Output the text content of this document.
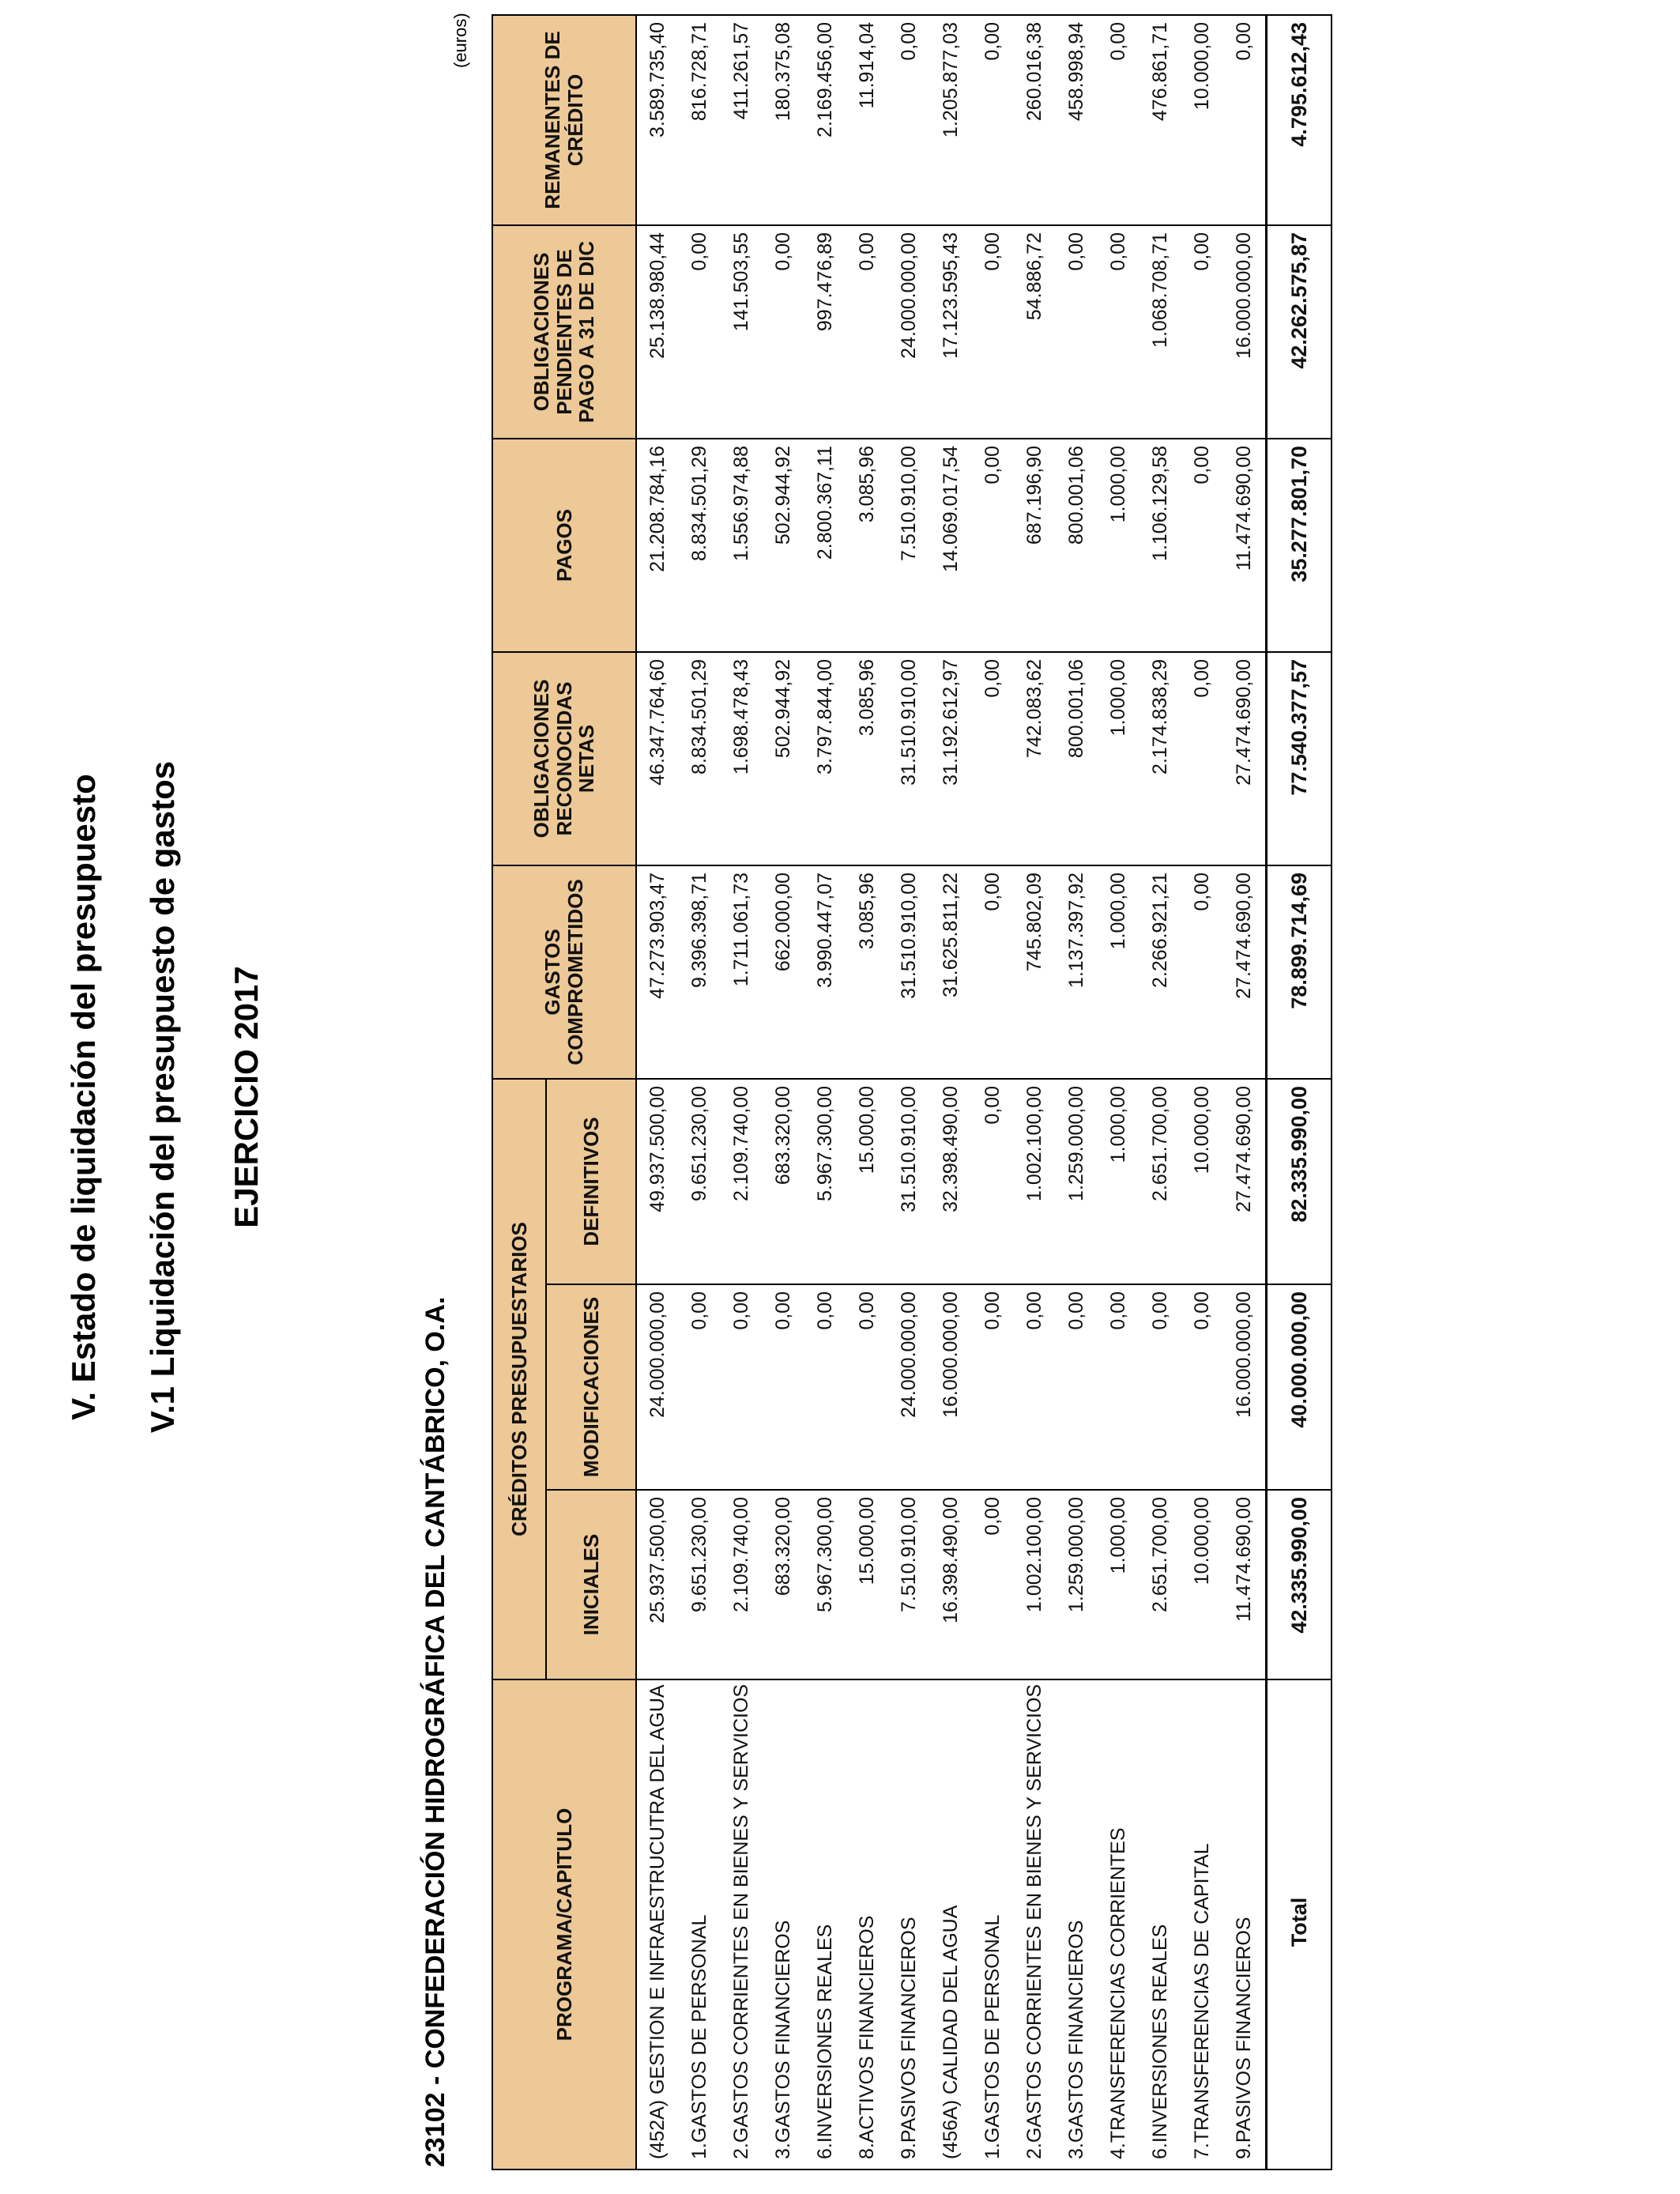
V. Estado de liquidación del presupuesto V.1 Liquidación del presupuesto de gastos EJERCICIO 2017
23102 - CONFEDERACIÓN HIDROGRÁFICA DEL CANTÁBRICO, O.A.
(euros)
PROGRAMA/CAPITULO	CRÉDITOS PRESUPUESTARIOS			GASTOS COMPROMETIDOS	OBLIGACIONES RECONOCIDAS NETAS	PAGOS	OBLIGACIONES PENDIENTES DE PAGO A 31 DE DIC	REMANENTES DE CRÉDITO
	INICIALES	MODIFICACIONES	DEFINITIVOS					
(452A) GESTION E INFRAESTRUCUTRA DEL AGUA	25.937.500,00	24.000.000,00	49.937.500,00	47.273.903,47	46.347.764,60	21.208.784,16	25.138.980,44	3.589.735,40
1.GASTOS DE PERSONAL	9.651.230,00	0,00	9.651.230,00	9.396.398,71	8.834.501,29	8.834.501,29	0,00	816.728,71
2.GASTOS CORRIENTES EN BIENES Y SERVICIOS	2.109.740,00	0,00	2.109.740,00	1.711.061,73	1.698.478,43	1.556.974,88	141.503,55	411.261,57
3.GASTOS FINANCIEROS	683.320,00	0,00	683.320,00	662.000,00	502.944,92	502.944,92	0,00	180.375,08
6.INVERSIONES REALES	5.967.300,00	0,00	5.967.300,00	3.990.447,07	3.797.844,00	2.800.367,11	997.476,89	2.169.456,00
8.ACTIVOS FINANCIEROS	15.000,00	0,00	15.000,00	3.085,96	3.085,96	3.085,96	0,00	11.914,04
9.PASIVOS FINANCIEROS	7.510.910,00	24.000.000,00	31.510.910,00	31.510.910,00	31.510.910,00	7.510.910,00	24.000.000,00	0,00
(456A) CALIDAD DEL AGUA	16.398.490,00	16.000.000,00	32.398.490,00	31.625.811,22	31.192.612,97	14.069.017,54	17.123.595,43	1.205.877,03
1.GASTOS DE PERSONAL	0,00	0,00	0,00	0,00	0,00	0,00	0,00	0,00
2.GASTOS CORRIENTES EN BIENES Y SERVICIOS	1.002.100,00	0,00	1.002.100,00	745.802,09	742.083,62	687.196,90	54.886,72	260.016,38
3.GASTOS FINANCIEROS	1.259.000,00	0,00	1.259.000,00	1.137.397,92	800.001,06	800.001,06	0,00	458.998,94
4.TRANSFERENCIAS CORRIENTES	1.000,00	0,00	1.000,00	1.000,00	1.000,00	1.000,00	0,00	0,00
6.INVERSIONES REALES	2.651.700,00	0,00	2.651.700,00	2.266.921,21	2.174.838,29	1.106.129,58	1.068.708,71	476.861,71
7.TRANSFERENCIAS DE CAPITAL	10.000,00	0,00	10.000,00	0,00	0,00	0,00	0,00	10.000,00
9.PASIVOS FINANCIEROS	11.474.690,00	16.000.000,00	27.474.690,00	27.474.690,00	27.474.690,00	11.474.690,00	16.000.000,00	0,00
Total	42.335.990,00	40.000.000,00	82.335.990,00	78.899.714,69	77.540.377,57	35.277.801,70	42.262.575,87	4.795.612,43
